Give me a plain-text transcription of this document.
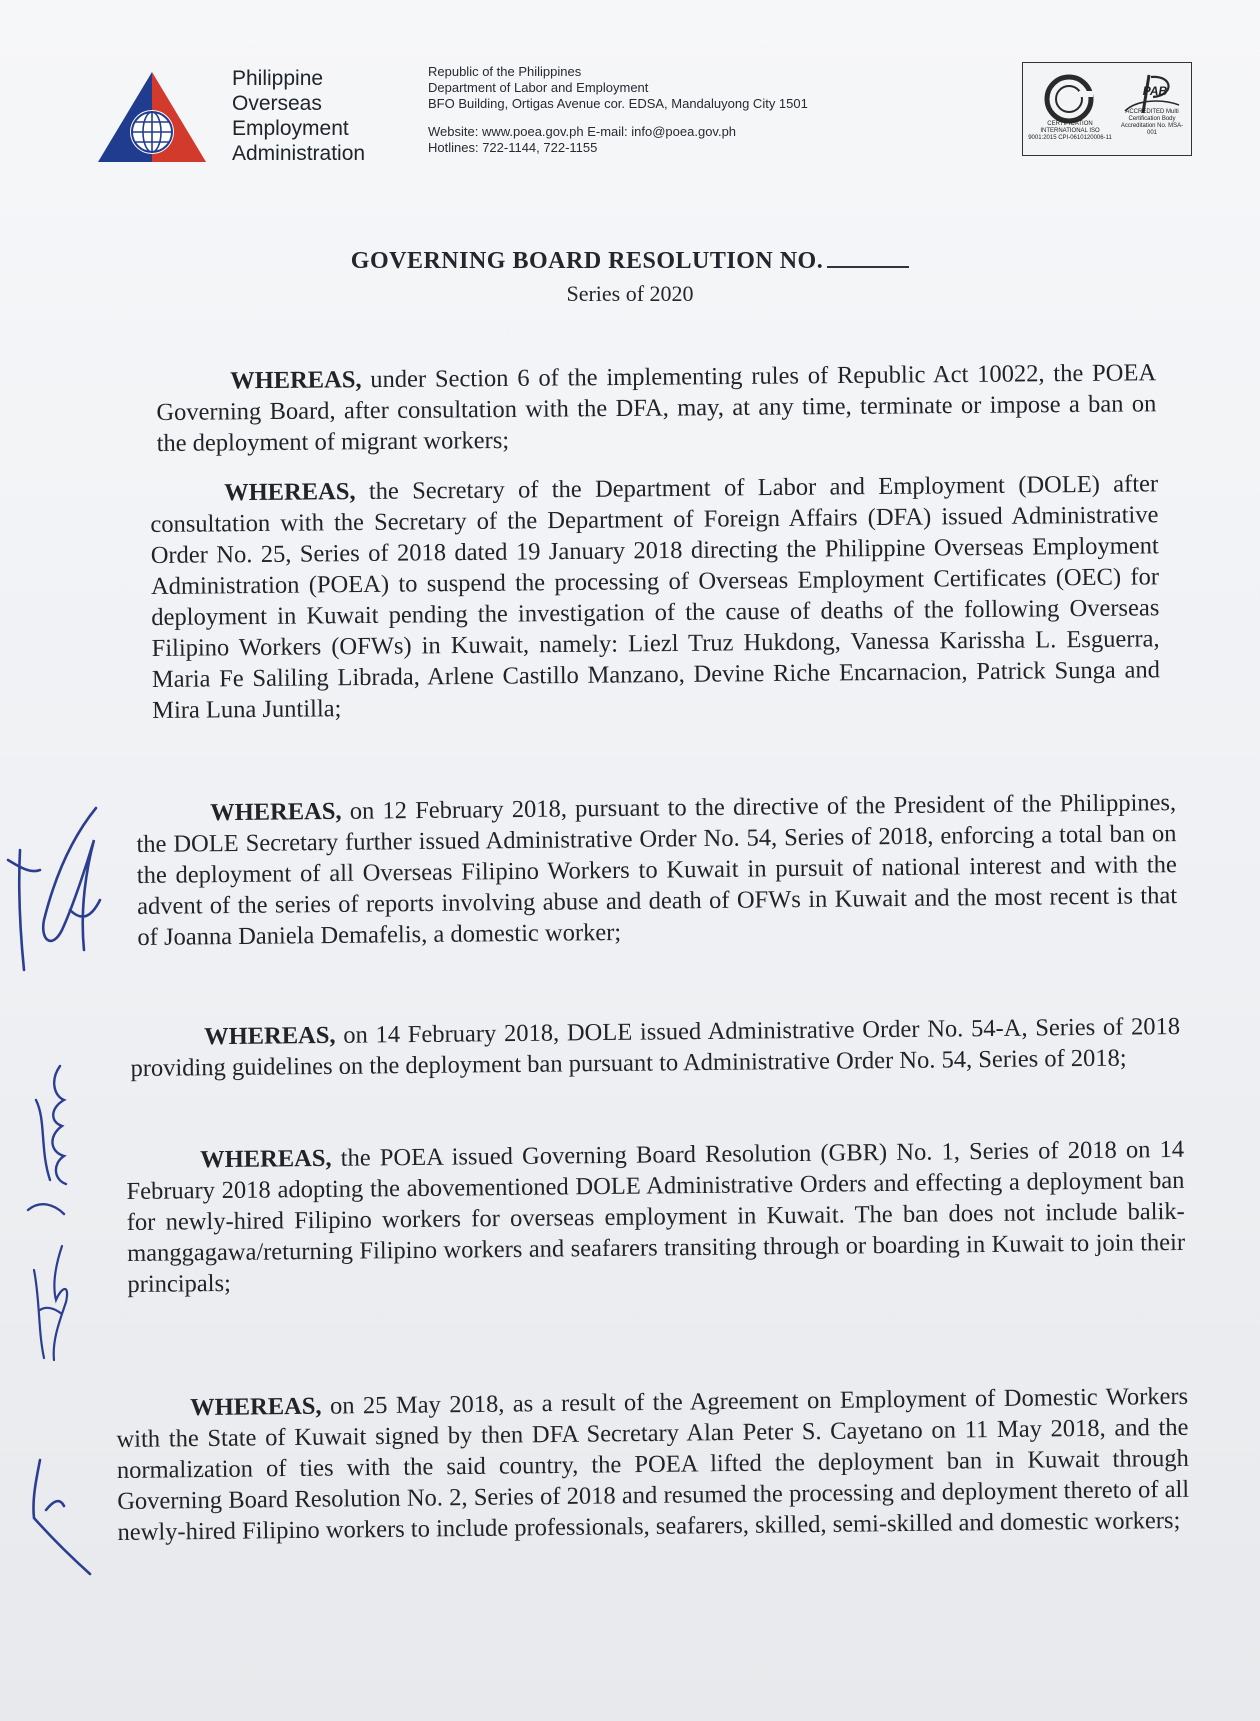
Philippine
Overseas
Employment
Administration
Republic of the Philippines
Department of Labor and Employment
BFO Building, Ortigas Avenue cor. EDSA, Mandaluyong City 1501
Website: www.poea.gov.ph E-mail: info@poea.gov.ph
Hotlines: 722-1144, 722-1155
CERTIFICATION INTERNATIONAL ISO 9001:2015 CPI-0610120006-11
PAB
ACCREDITED Multi Certification Body Accreditation No. MSA-001
GOVERNING BOARD RESOLUTION NO.
Series of 2020
WHEREAS, under Section 6 of the implementing rules of Republic Act 10022, the POEA Governing Board, after consultation with the DFA, may, at any time, terminate or impose a ban on the deployment of migrant workers;
WHEREAS, the Secretary of the Department of Labor and Employment (DOLE) after consultation with the Secretary of the Department of Foreign Affairs (DFA) issued Administrative Order No. 25, Series of 2018 dated 19 January 2018 directing the Philippine Overseas Employment Administration (POEA) to suspend the processing of Overseas Employment Certificates (OEC) for deployment in Kuwait pending the investigation of the cause of deaths of the following Overseas Filipino Workers (OFWs) in Kuwait, namely: Liezl Truz Hukdong, Vanessa Karissha L. Esguerra, Maria Fe Saliling Librada, Arlene Castillo Manzano, Devine Riche Encarnacion, Patrick Sunga and Mira Luna Juntilla;
WHEREAS, on 12 February 2018, pursuant to the directive of the President of the Philippines, the DOLE Secretary further issued Administrative Order No. 54, Series of 2018, enforcing a total ban on the deployment of all Overseas Filipino Workers to Kuwait in pursuit of national interest and with the advent of the series of reports involving abuse and death of OFWs in Kuwait and the most recent is that of Joanna Daniela Demafelis, a domestic worker;
WHEREAS, on 14 February 2018, DOLE issued Administrative Order No. 54-A, Series of 2018 providing guidelines on the deployment ban pursuant to Administrative Order No. 54, Series of 2018;
WHEREAS, the POEA issued Governing Board Resolution (GBR) No. 1, Series of 2018 on 14 February 2018 adopting the abovementioned DOLE Administrative Orders and effecting a deployment ban for newly-hired Filipino workers for overseas employment in Kuwait. The ban does not include balik-manggagawa/returning Filipino workers and seafarers transiting through or boarding in Kuwait to join their principals;
WHEREAS, on 25 May 2018, as a result of the Agreement on Employment of Domestic Workers with the State of Kuwait signed by then DFA Secretary Alan Peter S. Cayetano on 11 May 2018, and the normalization of ties with the said country, the POEA lifted the deployment ban in Kuwait through Governing Board Resolution No. 2, Series of 2018 and resumed the processing and deployment thereto of all newly-hired Filipino workers to include professionals, seafarers, skilled, semi-skilled and domestic workers;
